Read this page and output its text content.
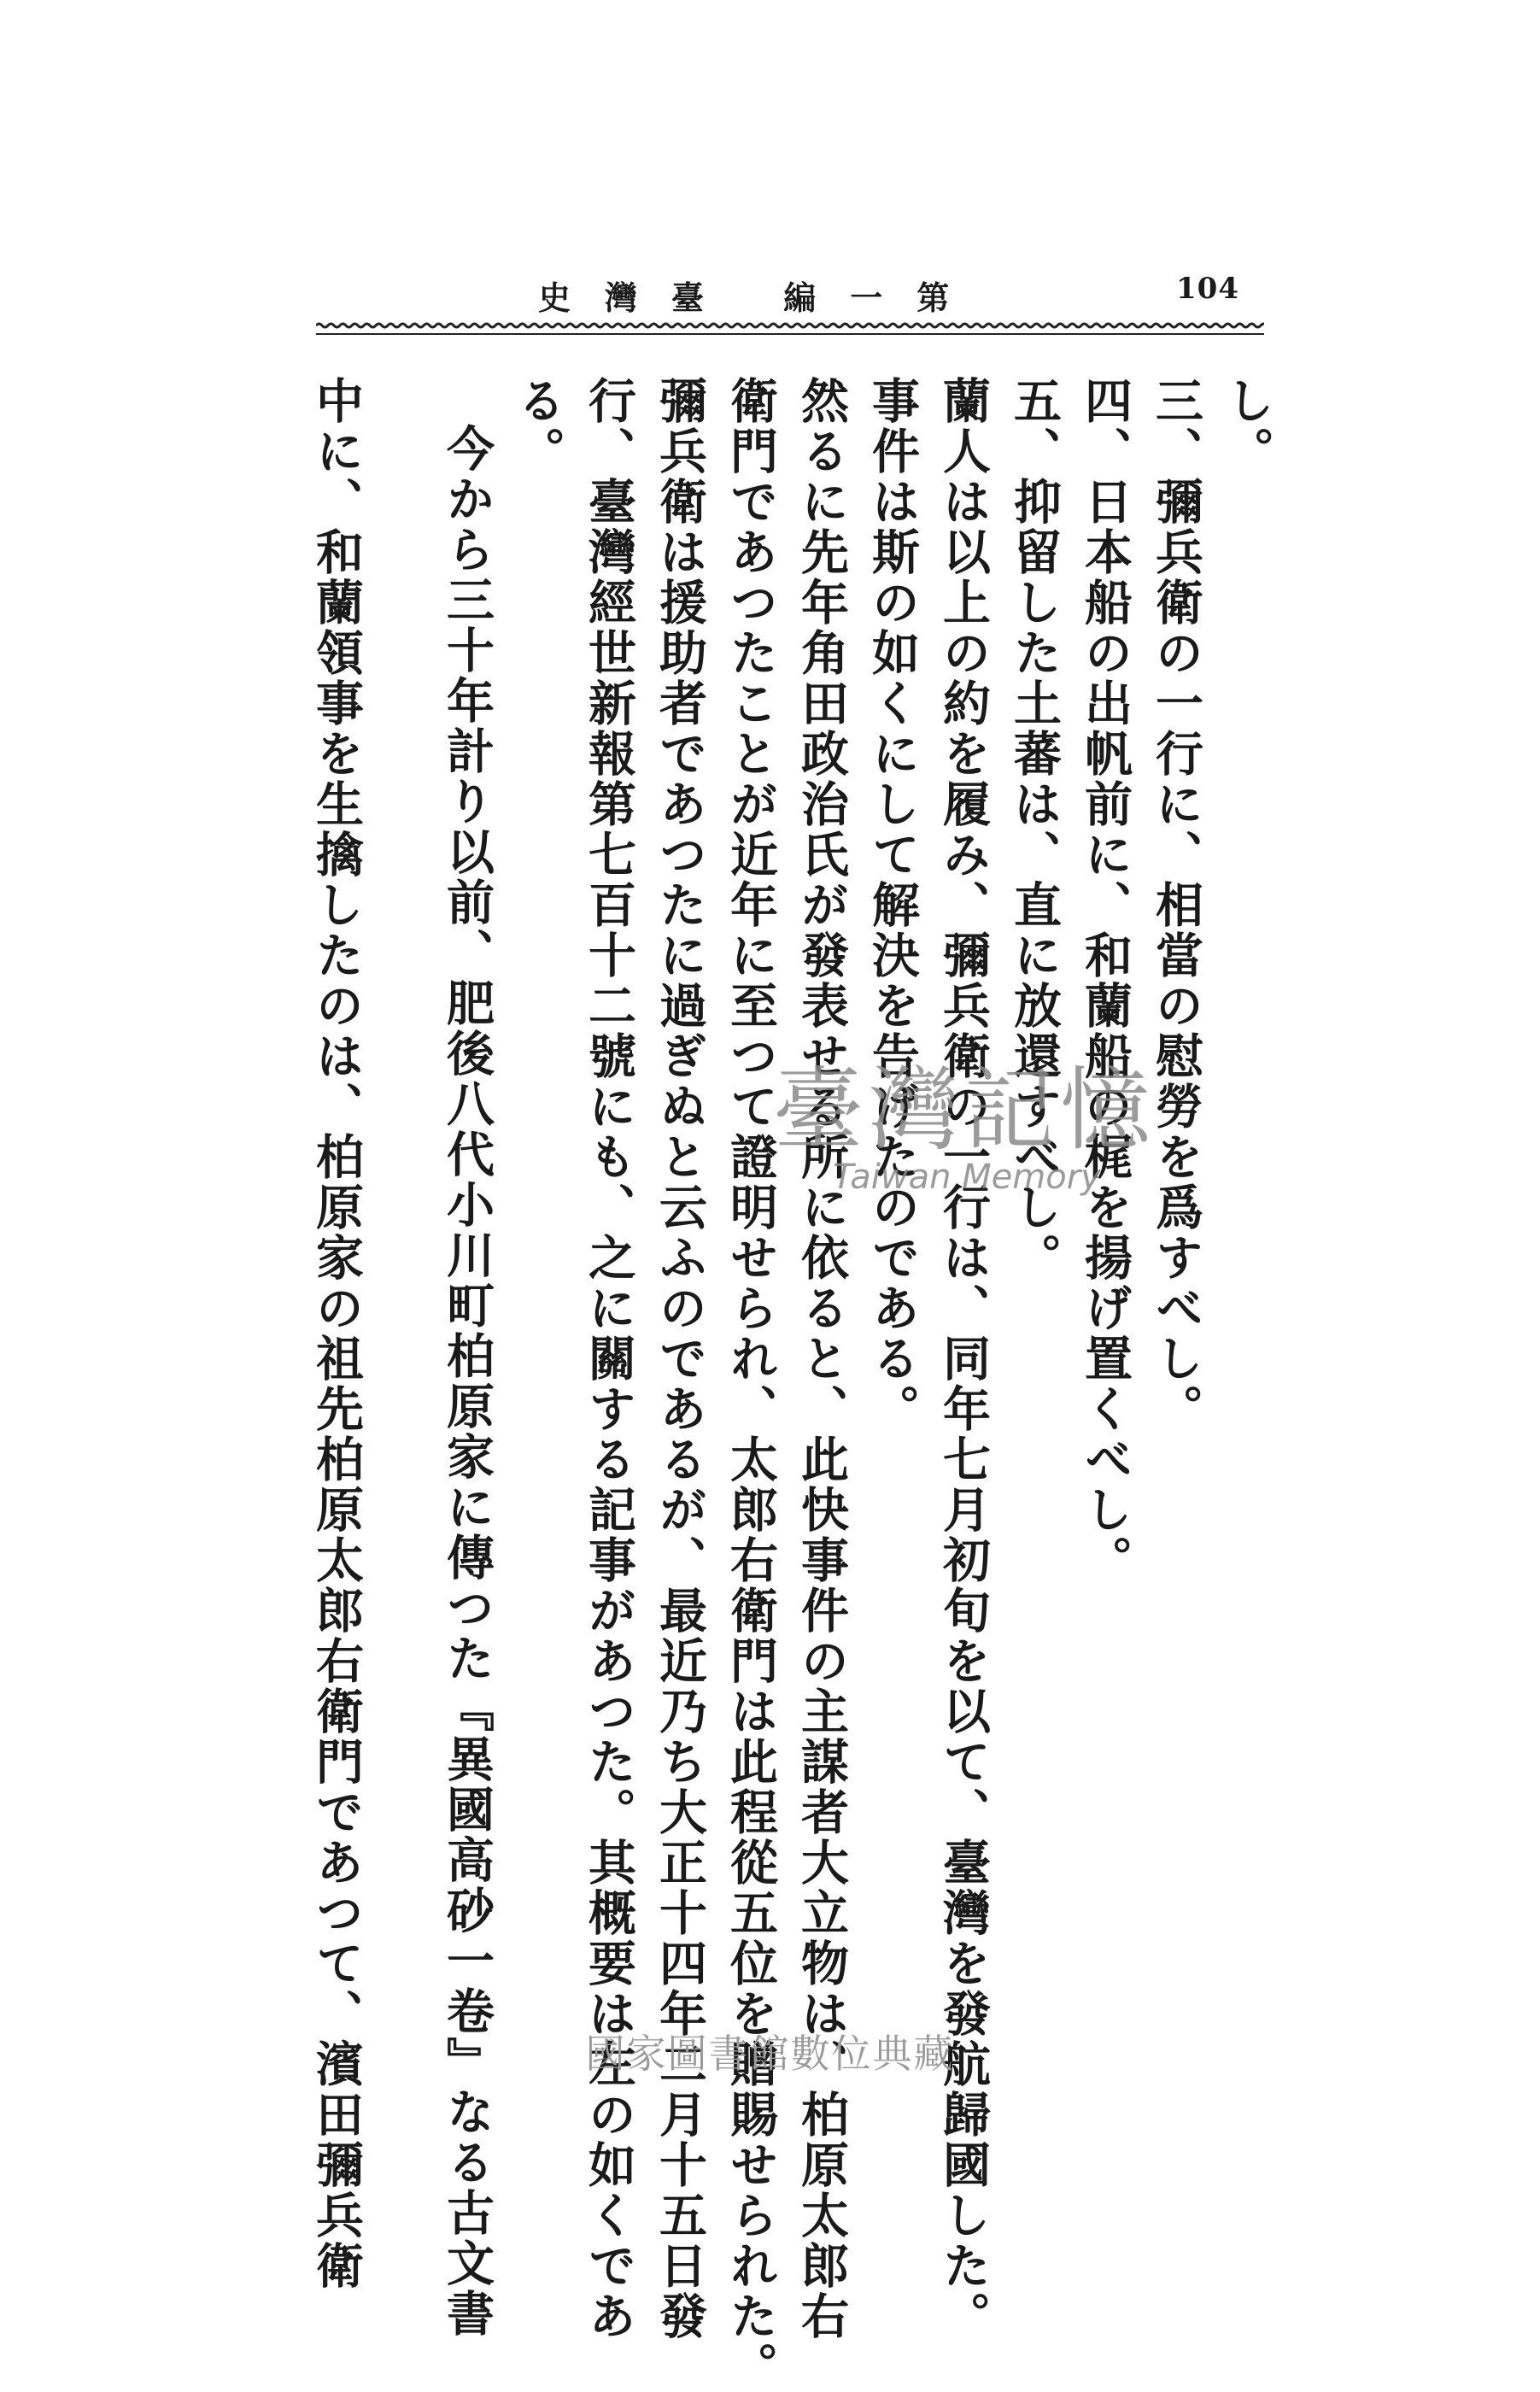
104
第一編 臺灣史

し。

三、彌兵衛の一行に、相當の慰勞を爲すべし。

四、日本船の出帆前に、和蘭船の梶を揚げ置くべし。

五、抑留した土蕃は、直に放還すべし。

蘭人は以上の約を履み、彌兵衛の一行は、同年七月初旬を以て、臺灣を發航歸國した。

事件は斯の如くにして解決を告げたのである。

然るに先年角田政治氏が發表せる所に依ると、此快事件の主謀者大立物は、柏原太郎右

衛門であつたことが近年に至つて證明せられ、太郎右衛門は此程從五位を贈賜せられた。

彌兵衛は援助者であつたに過ぎぬと云ふのであるが、最近乃ち大正十四年二月十五日發

行、臺灣經世新報第七百十二號にも、之に關する記事があつた。其概要は左の如くであ

る。

今から三十年計り以前、肥後八代小川町柏原家に傳つた『異國高砂一卷』なる古文書

中に、和蘭領事を生擒したのは、柏原家の祖先柏原太郎右衛門であつて、濱田彌兵衛	臺灣記憶
Taiwan Memory
國家圖書館數位典藏
